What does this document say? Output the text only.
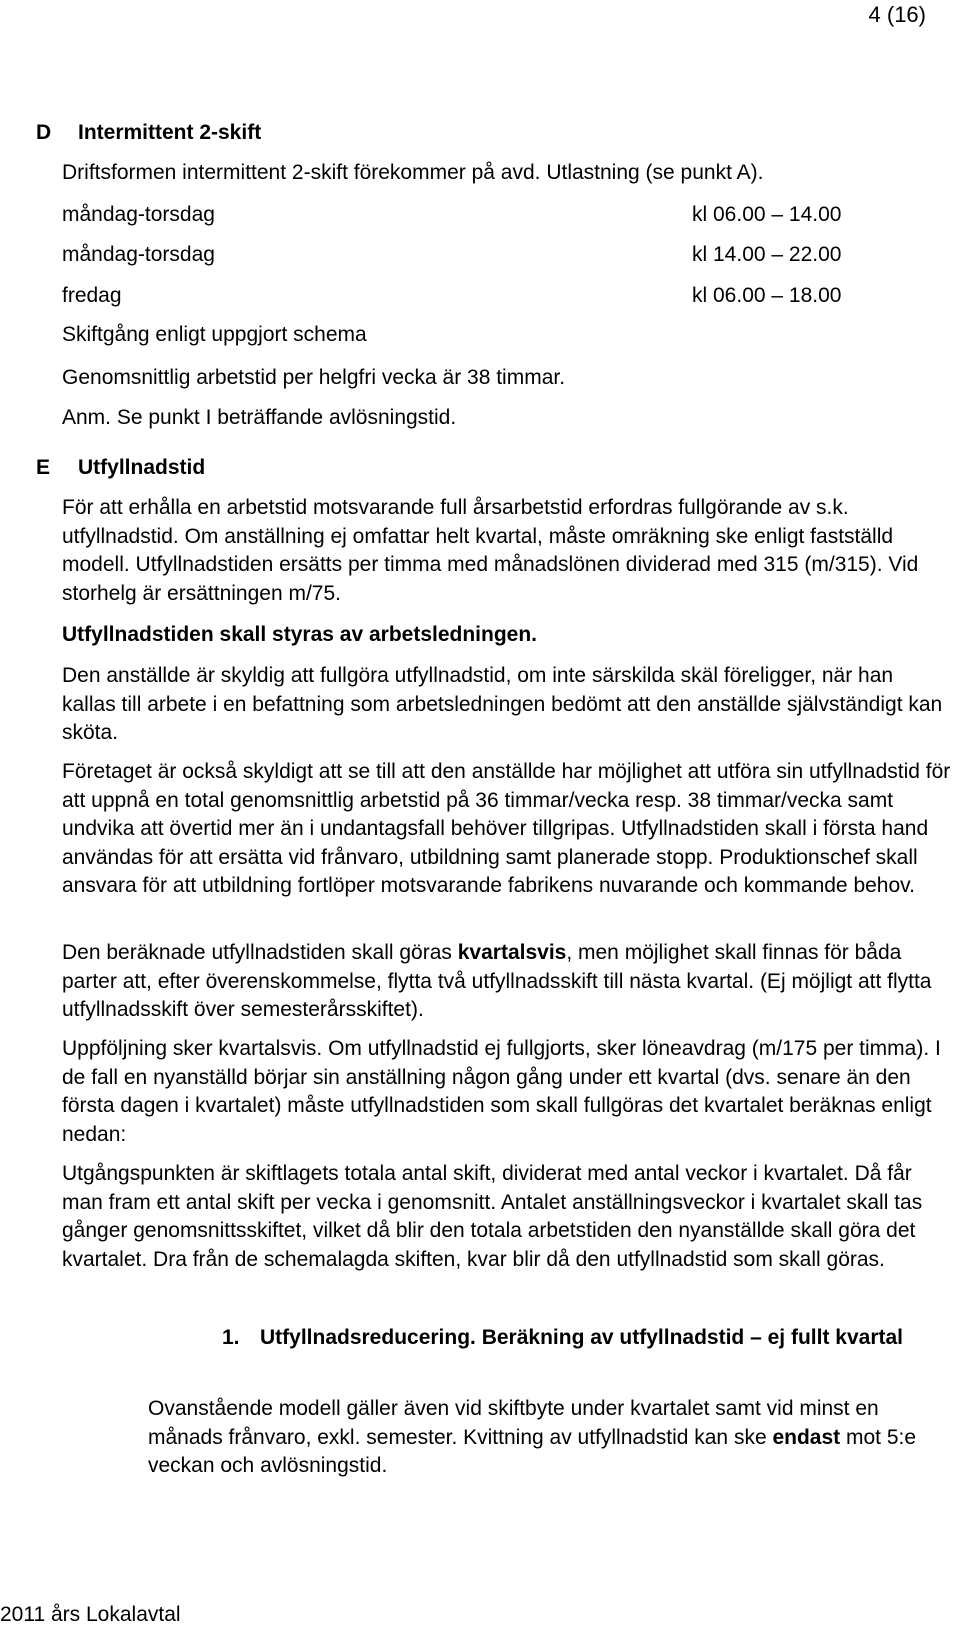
4 (16)
D Intermittent 2-skift
Driftsformen intermittent 2-skift förekommer på avd. Utlastning (se punkt A).
måndag-torsdag	kl 06.00 – 14.00
måndag-torsdag	kl 14.00 – 22.00
fredag	kl 06.00 – 18.00
Skiftgång enligt uppgjort schema
Genomsnittlig arbetstid per helgfri vecka är 38 timmar.
Anm. Se punkt I beträffande avlösningstid.
E Utfyllnadstid
För att erhålla en arbetstid motsvarande full årsarbetstid erfordras fullgörande av s.k. utfyllnadstid. Om anställning ej omfattar helt kvartal, måste omräkning ske enligt fastställd modell. Utfyllnadstiden ersätts per timma med månadslönen dividerad med 315 (m/315). Vid storhelg är ersättningen m/75.
Utfyllnadstiden skall styras av arbetsledningen.
Den anställde är skyldig att fullgöra utfyllnadstid, om inte särskilda skäl föreligger, när han kallas till arbete i en befattning som arbetsledningen bedömt att den anställde självständigt kan sköta.
Företaget är också skyldigt att se till att den anställde har möjlighet att utföra sin utfyllnadstid för att uppnå en total genomsnittlig arbetstid på 36 timmar/vecka resp. 38 timmar/vecka samt undvika att övertid mer än i undantagsfall behöver tillgripas. Utfyllnadstiden skall i första hand användas för att ersätta vid frånvaro, utbildning samt planerade stopp. Produktionschef skall ansvara för att utbildning fortlöper motsvarande fabrikens nuvarande och kommande behov.
Den beräknade utfyllnadstiden skall göras kvartalsvis, men möjlighet skall finnas för båda parter att, efter överenskommelse, flytta två utfyllnadsskift till nästa kvartal. (Ej möjligt att flytta utfyllnadsskift över semesterårsskiftet).
Uppföljning sker kvartalsvis. Om utfyllnadstid ej fullgjorts, sker löneavdrag (m/175 per timma). I de fall en nyanställd börjar sin anställning någon gång under ett kvartal (dvs. senare än den första dagen i kvartalet) måste utfyllnadstiden som skall fullgöras det kvartalet beräknas enligt nedan:
Utgångspunkten är skiftlagets totala antal skift, dividerat med antal veckor i kvartalet. Då får man fram ett antal skift per vecka i genomsnitt. Antalet anställningsveckor i kvartalet skall tas gånger genomsnittsskiftet, vilket då blir den totala arbetstiden den nyanställde skall göra det kvartalet. Dra från de schemalagda skiften, kvar blir då den utfyllnadstid som skall göras.
1. Utfyllnadsreducering. Beräkning av utfyllnadstid – ej fullt kvartal
Ovanstående modell gäller även vid skiftbyte under kvartalet samt vid minst en månads frånvaro, exkl. semester. Kvittning av utfyllnadstid kan ske endast mot 5:e veckan och avlösningstid.
2011 års Lokalavtal
